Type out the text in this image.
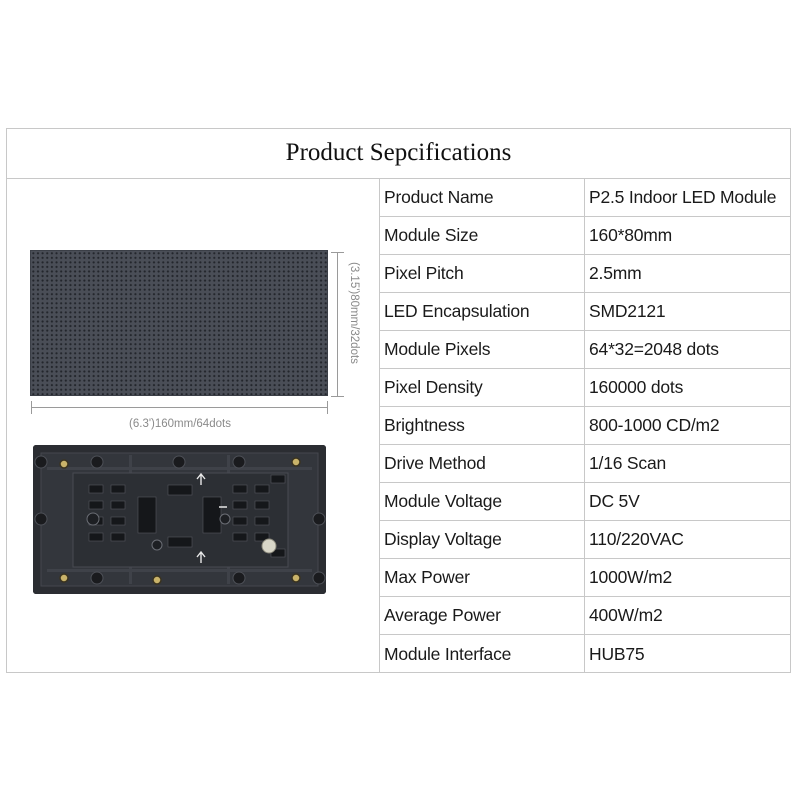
Product Sepcifications
(3.15')80mm/32dots
(6.3')160mm/64dots
Product Name	P2.5 Indoor LED Module
Module Size	160*80mm
Pixel Pitch	2.5mm
LED Encapsulation	SMD2121
Module Pixels	64*32=2048 dots
Pixel Density	160000 dots
Brightness	800-1000 CD/m2
Drive Method	1/16 Scan
Module Voltage	DC 5V
Display Voltage	110/220VAC
Max Power	1000W/m2
Average Power	400W/m2
Module Interface	HUB75
